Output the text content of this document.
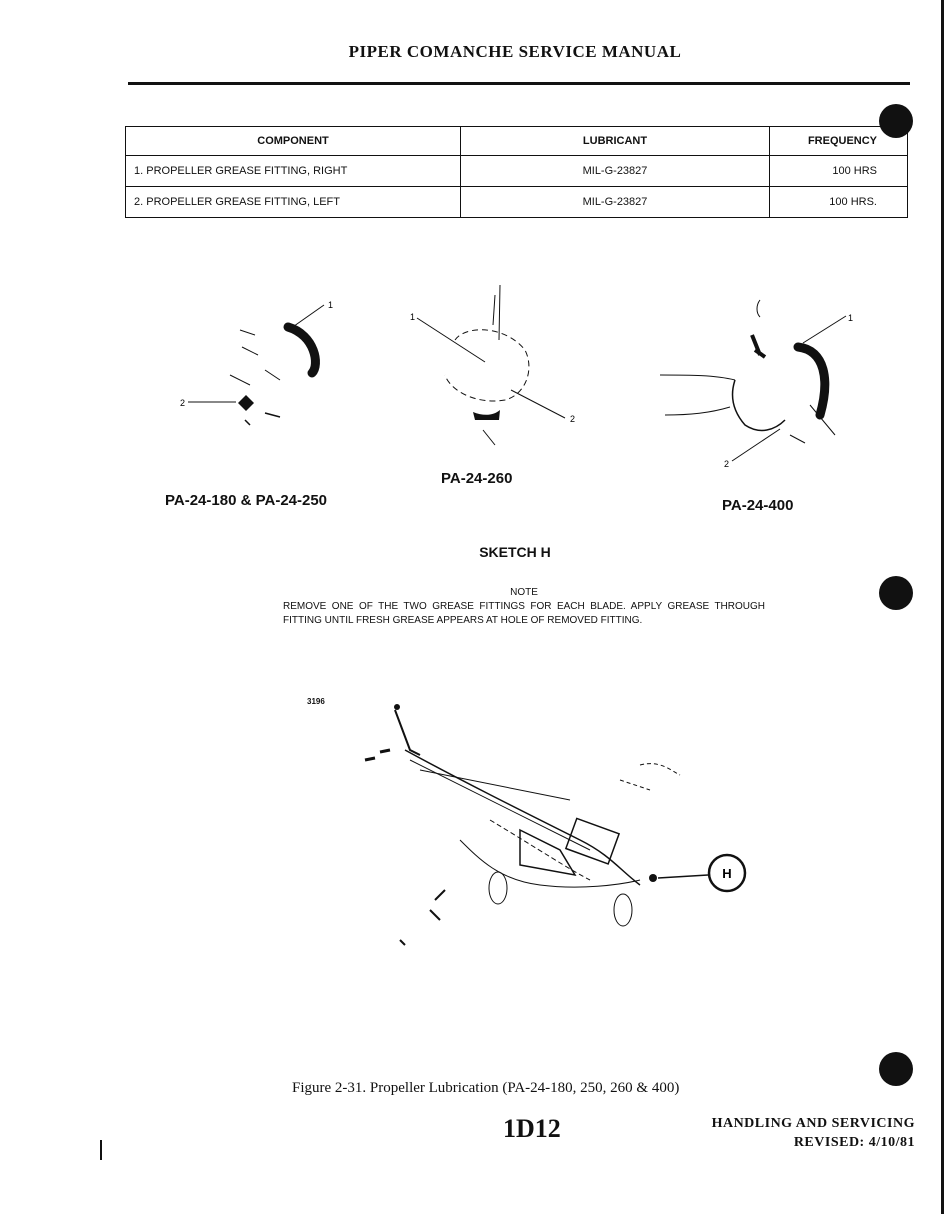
PIPER COMANCHE SERVICE MANUAL
COMPONENT	LUBRICANT	FREQUENCY
1. PROPELLER GREASE FITTING, RIGHT	MIL-G-23827	100 HRS
2. PROPELLER GREASE FITTING, LEFT	MIL-G-23827	100 HRS.
1
2
1
2
1
2
PA-24-180 & PA-24-250
PA-24-260
PA-24-400
SKETCH H
NOTE
REMOVE ONE OF THE TWO GREASE FITTINGS FOR EACH BLADE. APPLY GREASE THROUGH FITTING UNTIL FRESH GREASE APPEARS AT HOLE OF REMOVED FITTING.
3196
H
Figure 2-31. Propeller Lubrication (PA-24-180, 250, 260 & 400)
1D12	HANDLING AND SERVICING
REVISED: 4/10/81
